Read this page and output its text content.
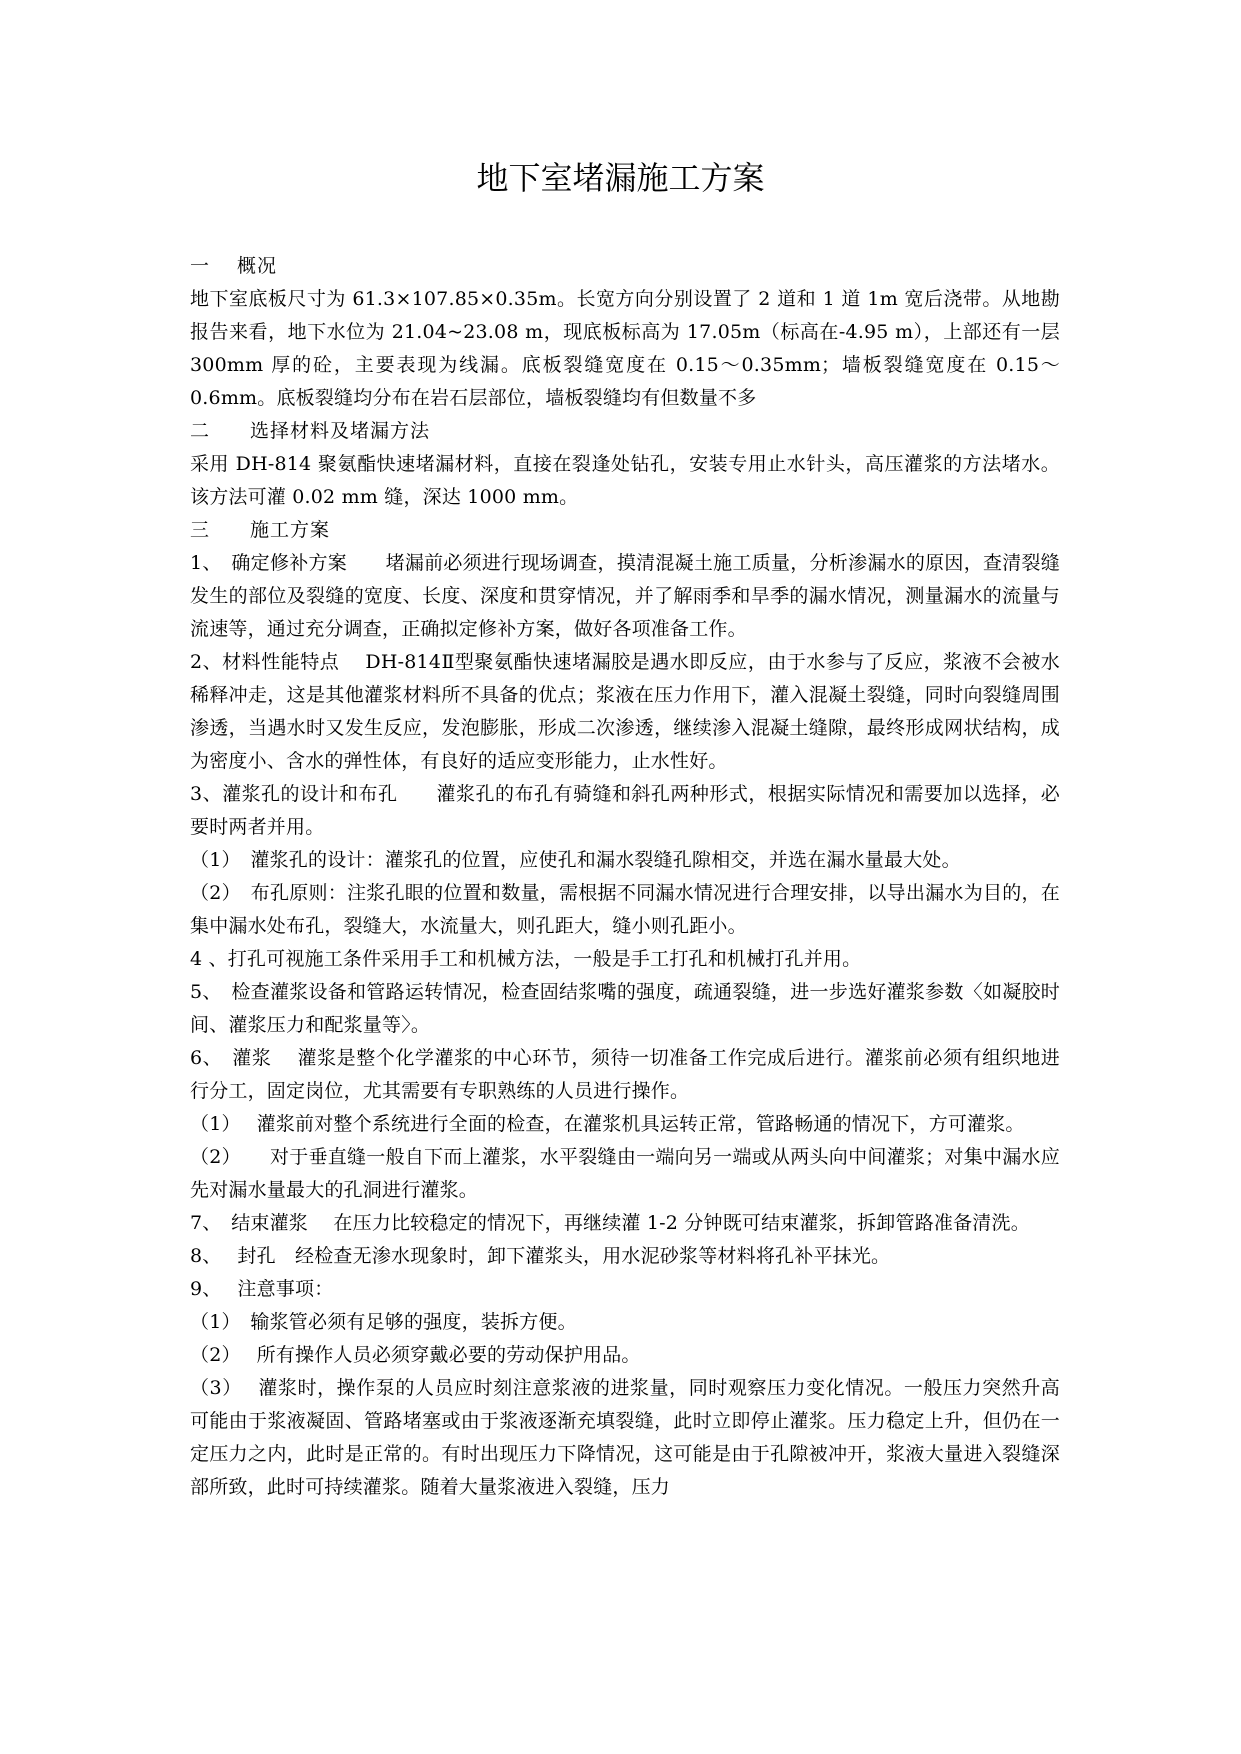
地下室堵漏施工方案

一　 概况

地下室底板尺寸为 61.3×107.85×0.35m。长宽方向分别设置了 2 道和 1 道 1m 宽后浇带。从地勘报告来看，地下水位为 21.04~23.08 m，现底板标高为 17.05m（标高在-4.95 m），上部还有一层 300mm 厚的砼，主要表现为线漏。底板裂缝宽度在 0.15～0.35mm；墙板裂缝宽度在 0.15～0.6mm。底板裂缝均分布在岩石层部位，墙板裂缝均有但数量不多

二　　选择材料及堵漏方法

采用 DH-814 聚氨酯快速堵漏材料，直接在裂逢处钻孔，安装专用止水针头，高压灌浆的方法堵水。该方法可灌 0.02 mm 缝，深达 1000 mm。

三　　施工方案

1、　确定修补方案　　堵漏前必须进行现场调查，摸清混凝土施工质量，分析渗漏水的原因，查清裂缝发生的部位及裂缝的宽度、长度、深度和贯穿情况，并了解雨季和旱季的漏水情况，测量漏水的流量与流速等，通过充分调查，正确拟定修补方案，做好各项准备工作。

2、材料性能特点　 DH-814Ⅱ型聚氨酯快速堵漏胶是遇水即反应，由于水参与了反应，浆液不会被水稀释冲走，这是其他灌浆材料所不具备的优点；浆液在压力作用下，灌入混凝土裂缝，同时向裂缝周围渗透，当遇水时又发生反应，发泡膨胀，形成二次渗透，继续渗入混凝土缝隙，最终形成网状结构，成为密度小、含水的弹性体，有良好的适应变形能力，止水性好。

3、灌浆孔的设计和布孔　　灌浆孔的布孔有骑缝和斜孔两种形式，根据实际情况和需要加以选择，必要时两者并用。

（1）　灌浆孔的设计：灌浆孔的位置，应使孔和漏水裂缝孔隙相交，并选在漏水量最大处。

（2）　布孔原则：注浆孔眼的位置和数量，需根据不同漏水情况进行合理安排，以导出漏水为目的，在集中漏水处布孔，裂缝大，水流量大，则孔距大，缝小则孔距小。

4 、打孔可视施工条件采用手工和机械方法，一般是手工打孔和机械打孔并用。

5、　检查灌浆设备和管路运转情况，检查固结浆嘴的强度，疏通裂缝，进一步选好灌浆参数〈如凝胶时间、灌浆压力和配浆量等〉。

6、　灌浆　 灌浆是整个化学灌浆的中心环节，须待一切准备工作完成后进行。灌浆前必须有组织地进行分工，固定岗位，尤其需要有专职熟练的人员进行操作。

（1）　 灌浆前对整个系统进行全面的检查，在灌浆机具运转正常，管路畅通的情况下，方可灌浆。

（2）　　对于垂直缝一般自下而上灌浆，水平裂缝由一端向另一端或从两头向中间灌浆；对集中漏水应先对漏水量最大的孔洞进行灌浆。

7、　结束灌浆　 在压力比较稳定的情况下，再继续灌 1-2 分钟既可结束灌浆，拆卸管路准备清洗。

8、　 封孔　经检查无渗水现象时，卸下灌浆头，用水泥砂浆等材料将孔补平抹光。

9、　 注意事项：

（1）　输浆管必须有足够的强度，装拆方便。

（2）　 所有操作人员必须穿戴必要的劳动保护用品。

（3）　 灌浆时，操作泵的人员应时刻注意浆液的进浆量，同时观察压力变化情况。一般压力突然升高可能由于浆液凝固、管路堵塞或由于浆液逐渐充填裂缝，此时立即停止灌浆。压力稳定上升，但仍在一定压力之内，此时是正常的。有时出现压力下降情况，这可能是由于孔隙被冲开，浆液大量进入裂缝深部所致，此时可持续灌浆。随着大量浆液进入裂缝，压力
